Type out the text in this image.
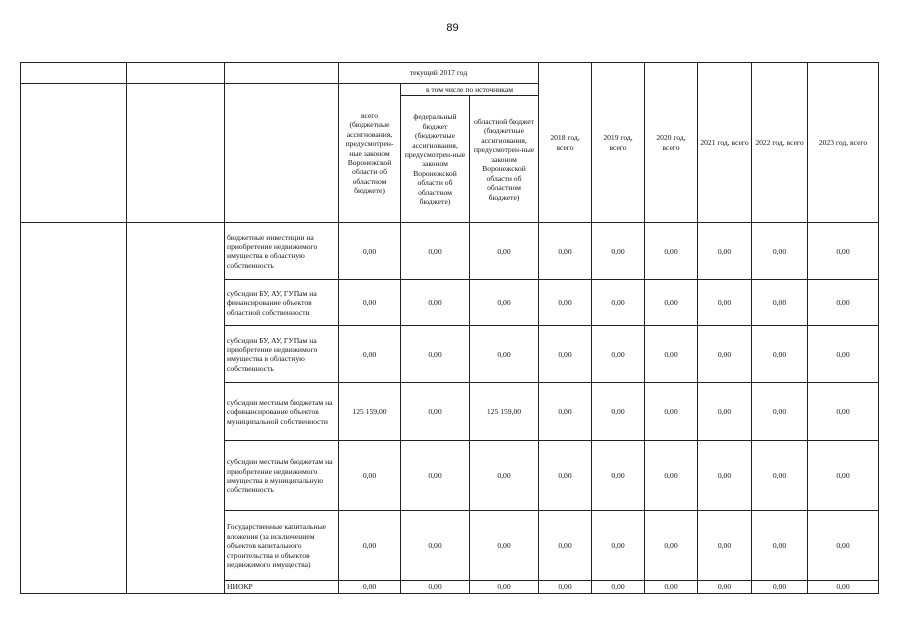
89
			текущий 2017 год			2018 год, всего	2019 год, всего	2020 год, всего	2021 год, всего	2022 год, всего	2023 год, всего
			всего (бюджетные ассигнования, предусмотрен-ные законом Воронежской области об областном бюджете)	в том числе по источникам							
				федеральный бюджет (бюджетные ассигнования, предусмотрен-ные законом Воронежской области об областном бюджете)	областной бюджет (бюджетные ассигнования, предусмотрен-ные законом Воронежской области об областном бюджете)						
		бюджетные инвестиции на приобретение недвижимого имущества в областную собственность	0,00	0,00	0,00	0,00	0,00	0,00	0,00	0,00	0,00
		субсидии БУ, АУ, ГУПам на финансирование объектов областной собственности	0,00	0,00	0,00	0,00	0,00	0,00	0,00	0,00	0,00
		субсидии БУ, АУ, ГУПам на приобретение недвижимого имущества в областную собственность	0,00	0,00	0,00	0,00	0,00	0,00	0,00	0,00	0,00
		субсидии местным бюджетам на софинансирование объектов муниципальной собственности	125 159,00	0,00	125 159,00	0,00	0,00	0,00	0,00	0,00	0,00
		субсидии местным бюджетам на приобретение недвижимого имущества в муниципальную собственность	0,00	0,00	0,00	0,00	0,00	0,00	0,00	0,00	0,00
		Государственные капитальные вложения (за исключением объектов капитального строительства и объектов недвижимого имущества)	0,00	0,00	0,00	0,00	0,00	0,00	0,00	0,00	0,00
		НИОКР	0,00	0,00	0,00	0,00	0,00	0,00	0,00	0,00	0,00
